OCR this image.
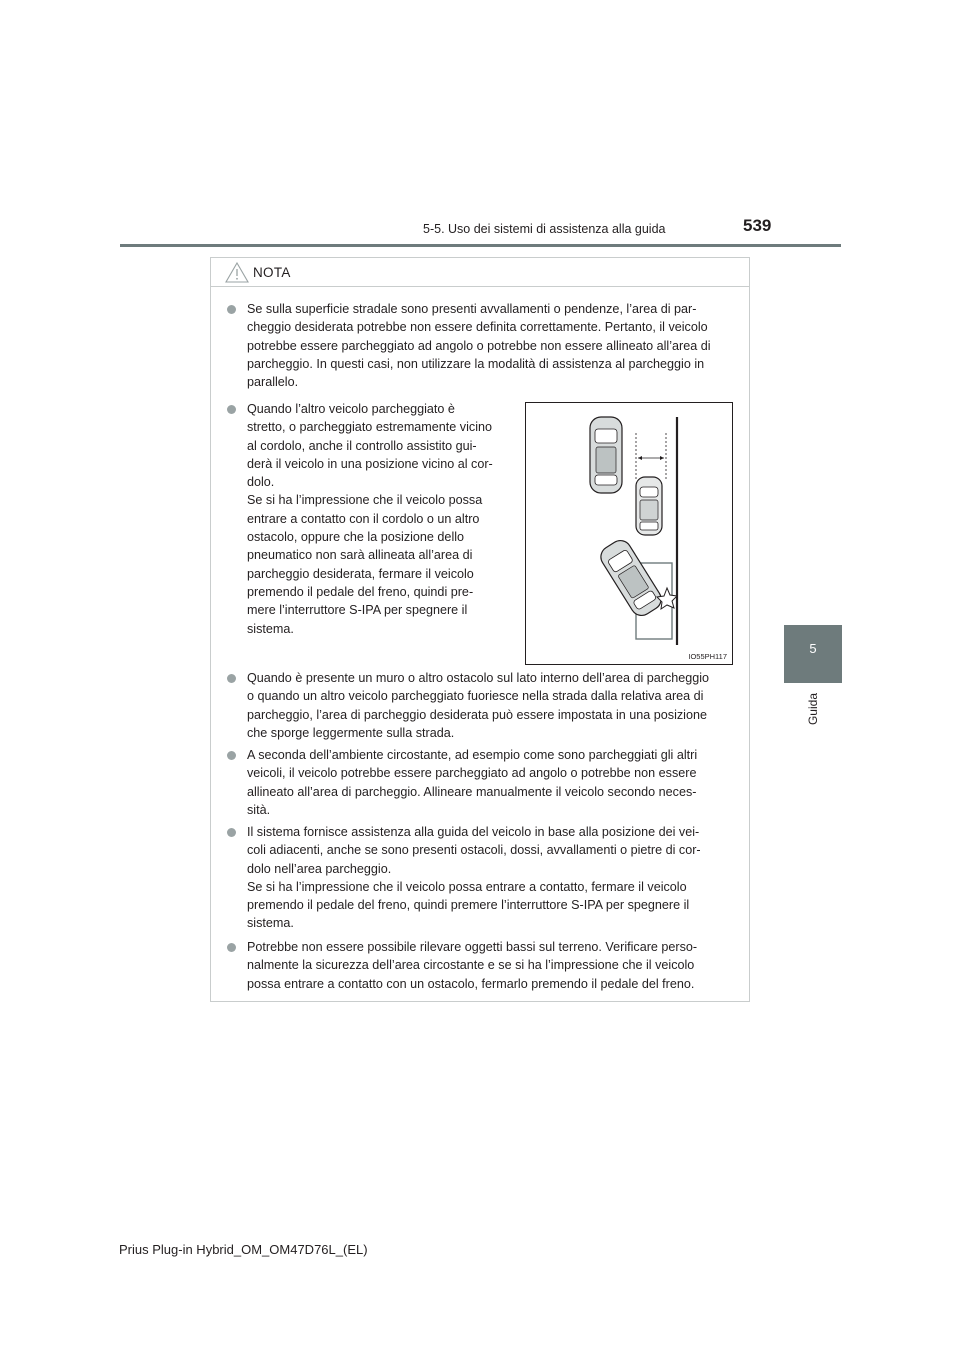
5-5. Uso dei sistemi di assistenza alla guida	539
5
Guida
NOTA
Se sulla superficie stradale sono presenti avvallamenti o pendenze, l’area di par-
cheggio desiderata potrebbe non essere definita correttamente. Pertanto, il veicolo
potrebbe essere parcheggiato ad angolo o potrebbe non essere allineato all’area di
parcheggio. In questi casi, non utilizzare la modalità di assistenza al parcheggio in
parallelo.
Quando l’altro veicolo parcheggiato è
stretto, o parcheggiato estremamente vicino
al cordolo, anche il controllo assistito gui-
derà il veicolo in una posizione vicino al cor-
dolo.
Se si ha l’impressione che il veicolo possa
entrare a contatto con il cordolo o un altro
ostacolo, oppure che la posizione dello
pneumatico non sarà allineata all’area di
parcheggio desiderata, fermare il veicolo
premendo il pedale del freno, quindi pre-
mere l’interruttore S-IPA per spegnere il
sistema.
IO55PH117
Quando è presente un muro o altro ostacolo sul lato interno dell’area di parcheggio
o quando un altro veicolo parcheggiato fuoriesce nella strada dalla relativa area di
parcheggio, l’area di parcheggio desiderata può essere impostata in una posizione
che sporge leggermente sulla strada.
A seconda dell’ambiente circostante, ad esempio come sono parcheggiati gli altri
veicoli, il veicolo potrebbe essere parcheggiato ad angolo o potrebbe non essere
allineato all’area di parcheggio. Allineare manualmente il veicolo secondo neces-
sità.
Il sistema fornisce assistenza alla guida del veicolo in base alla posizione dei vei-
coli adiacenti, anche se sono presenti ostacoli, dossi, avvallamenti o pietre di cor-
dolo nell’area parcheggio.
Se si ha l’impressione che il veicolo possa entrare a contatto, fermare il veicolo
premendo il pedale del freno, quindi premere l’interruttore S-IPA per spegnere il
sistema.
Potrebbe non essere possibile rilevare oggetti bassi sul terreno. Verificare perso-
nalmente la sicurezza dell’area circostante e se si ha l’impressione che il veicolo
possa entrare a contatto con un ostacolo, fermarlo premendo il pedale del freno.
Prius Plug-in Hybrid_OM_OM47D76L_(EL)
